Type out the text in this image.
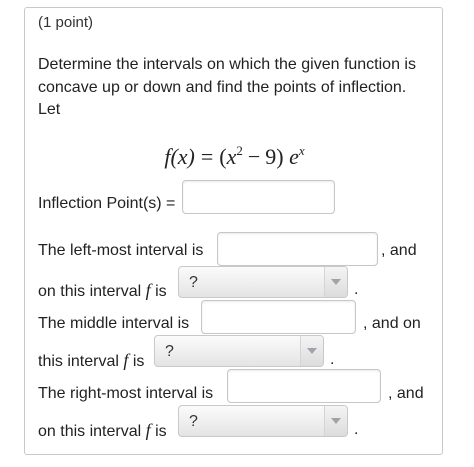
(1 point)
Determine the intervals on which the given function is concave up or down and find the points of inflection.
Let
$f(x) = (x^2 - 9)$ $e^x$
Inflection Point(s) =
The left-most interval is	, and
on this interval f is
?	.
The middle interval is	, and on
this interval f is
?	.
The right-most interval is	, and
on this interval f is
?	.
